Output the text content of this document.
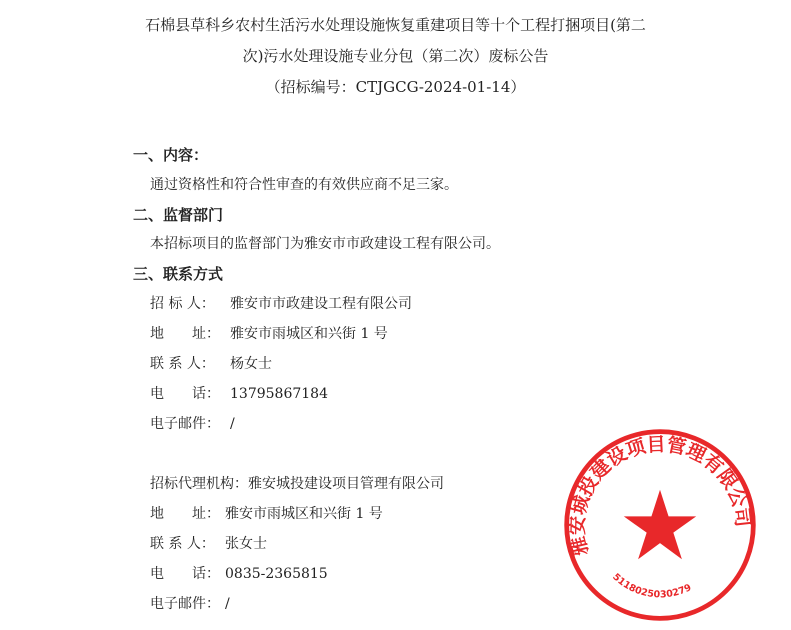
石棉县草科乡农村生活污水处理设施恢复重建项目等十个工程打捆项目(第二
次)污水处理设施专业分包（第二次）废标公告
（招标编号：CTJGCG-2024-01-14）
一、内容：
通过资格性和符合性审查的有效供应商不足三家。
二、监督部门
本招标项目的监督部门为雅安市市政建设工程有限公司。
三、联系方式
招 标 人： 雅安市市政建设工程有限公司
地　　址： 雅安市雨城区和兴街 1 号
联 系 人： 杨女士
电　　话： 13795867184
电子邮件： /
招标代理机构：雅安城投建设项目管理有限公司
地　　址： 雅安市雨城区和兴街 1 号
联 系 人： 张女士
电　　话： 0835-2365815
电子邮件： /
雅安城投建设项目管理有限公司
5118025030279
